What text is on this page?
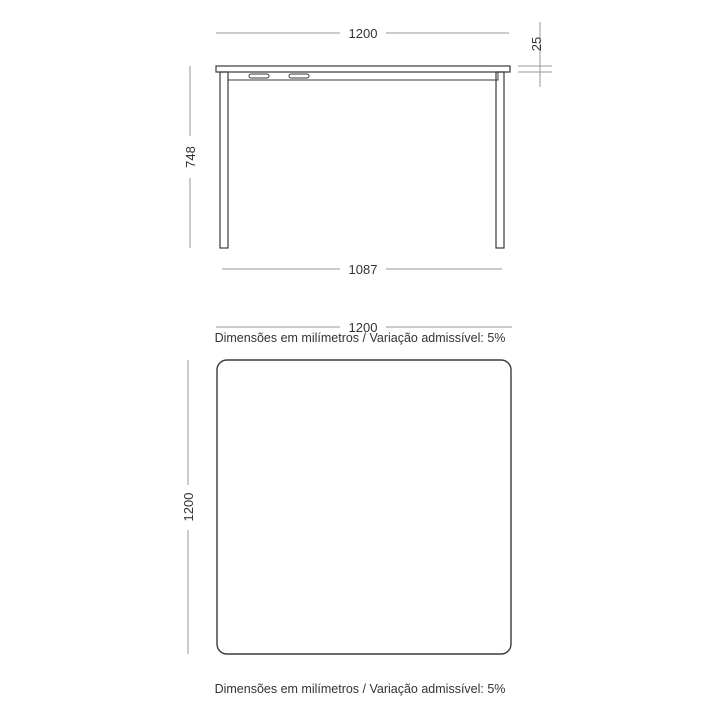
1200
25
748
1087
1200
1200
Dimensões em milímetros / Variação admissível: 5%
Dimensões em milímetros / Variação admissível: 5%
